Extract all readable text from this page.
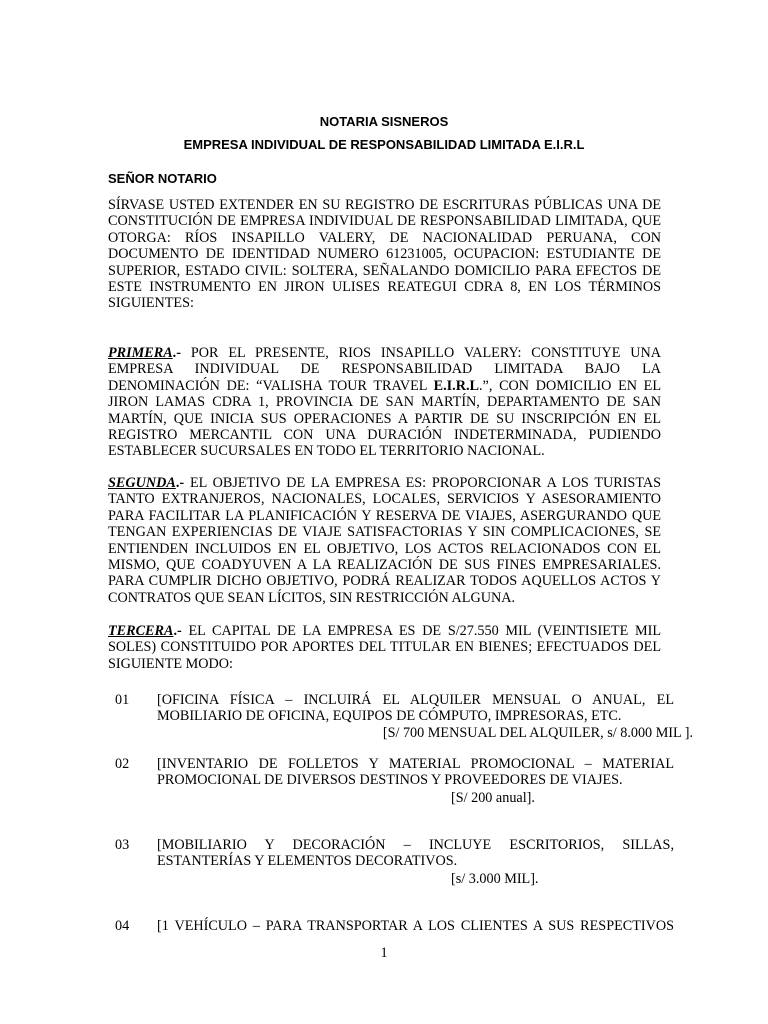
NOTARIA SISNEROS
EMPRESA INDIVIDUAL DE RESPONSABILIDAD LIMITADA E.I.R.L
SEÑOR NOTARIO
SÍRVASE USTED EXTENDER EN SU REGISTRO DE ESCRITURAS PÚBLICAS UNA DE CONSTITUCIÓN DE EMPRESA INDIVIDUAL DE RESPONSABILIDAD LIMITADA, QUE OTORGA: RÍOS INSAPILLO VALERY, DE NACIONALIDAD PERUANA, CON DOCUMENTO DE IDENTIDAD NUMERO 61231005, OCUPACION: ESTUDIANTE DE SUPERIOR, ESTADO CIVIL: SOLTERA, SEÑALANDO DOMICILIO PARA EFECTOS DE ESTE INSTRUMENTO EN JIRON ULISES REATEGUI CDRA 8, EN LOS TÉRMINOS SIGUIENTES:
PRIMERA.- POR EL PRESENTE, RIOS INSAPILLO VALERY: CONSTITUYE UNA EMPRESA INDIVIDUAL DE RESPONSABILIDAD LIMITADA BAJO LA DENOMINACIÓN DE: “VALISHA TOUR TRAVEL E.I.R.L.”, CON DOMICILIO EN EL JIRON LAMAS CDRA 1, PROVINCIA DE SAN MARTÍN, DEPARTAMENTO DE SAN MARTÍN, QUE INICIA SUS OPERACIONES A PARTIR DE SU INSCRIPCIÓN EN EL REGISTRO MERCANTIL CON UNA DURACIÓN INDETERMINADA, PUDIENDO ESTABLECER SUCURSALES EN TODO EL TERRITORIO NACIONAL.
SEGUNDA.- EL OBJETIVO DE LA EMPRESA ES: PROPORCIONAR A LOS TURISTAS TANTO EXTRANJEROS, NACIONALES, LOCALES, SERVICIOS Y ASESORAMIENTO PARA FACILITAR LA PLANIFICACIÓN Y RESERVA DE VIAJES, ASERGURANDO QUE TENGAN EXPERIENCIAS DE VIAJE SATISFACTORIAS Y SIN COMPLICACIONES, SE ENTIENDEN INCLUIDOS EN EL OBJETIVO, LOS ACTOS RELACIONADOS CON EL MISMO, QUE COADYUVEN A LA REALIZACIÓN DE SUS FINES EMPRESARIALES. PARA CUMPLIR DICHO OBJETIVO, PODRÁ REALIZAR TODOS AQUELLOS ACTOS Y CONTRATOS QUE SEAN LÍCITOS, SIN RESTRICCIÓN ALGUNA.
TERCERA.- EL CAPITAL DE LA EMPRESA ES DE S/27.550 MIL (VEINTISIETE MIL SOLES) CONSTITUIDO POR APORTES DEL TITULAR EN BIENES; EFECTUADOS DEL SIGUIENTE MODO:
01 [OFICINA FÍSICA – INCLUIRÁ EL ALQUILER MENSUAL O ANUAL, EL MOBILIARIO DE OFICINA, EQUIPOS DE CÓMPUTO, IMPRESORAS, ETC.
[S/ 700 MENSUAL DEL ALQUILER, s/ 8.000 MIL ].
02 [INVENTARIO DE FOLLETOS Y MATERIAL PROMOCIONAL – MATERIAL PROMOCIONAL DE DIVERSOS DESTINOS Y PROVEEDORES DE VIAJES.
[S/ 200 anual].
03 [MOBILIARIO Y DECORACIÓN – INCLUYE ESCRITORIOS, SILLAS, ESTANTERÍAS Y ELEMENTOS DECORATIVOS.
[s/ 3.000 MIL].
04 [1 VEHÍCULO – PARA TRANSPORTAR A LOS CLIENTES A SUS RESPECTIVOS
1
